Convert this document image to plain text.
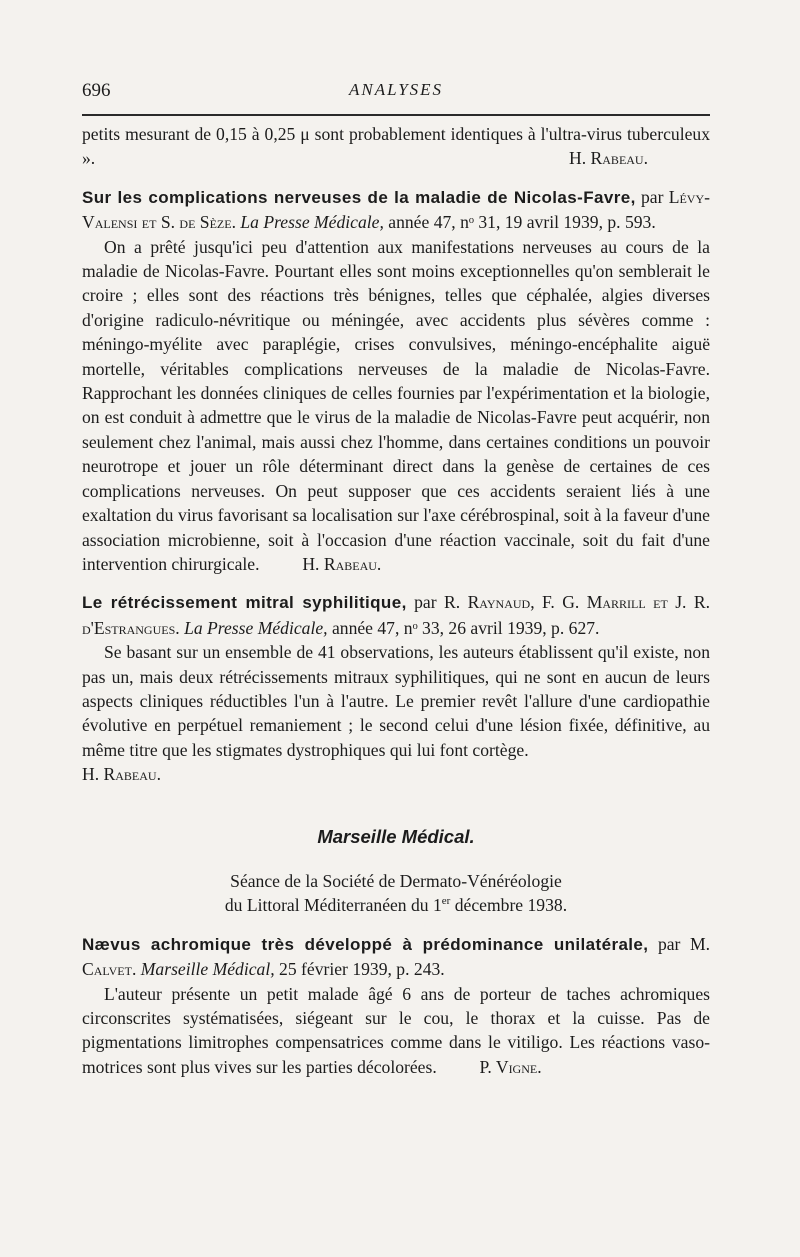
696	ANALYSES

petits mesurant de 0,15 à 0,25 μ sont probablement identiques à l'ultra-virus tuberculeux ».	H. Rabeau.

Sur les complications nerveuses de la maladie de Nicolas-Favre, par Lévy-Valensi et S. de Sèze. La Presse Médicale, année 47, nᵒ 31, 19 avril 1939, p. 593.

On a prêté jusqu'ici peu d'attention aux manifestations nerveuses au cours de la maladie de Nicolas-Favre. Pourtant elles sont moins exceptionnelles qu'on semblerait le croire ; elles sont des réactions très bénignes, telles que céphalée, algies diverses d'origine radiculo-névritique ou méningée, avec accidents plus sévères comme : méningo-myélite avec paraplégie, crises convulsives, méningo-encéphalite aiguë mortelle, véritables complications nerveuses de la maladie de Nicolas-Favre. Rapprochant les données cliniques de celles fournies par l'expérimentation et la biologie, on est conduit à admettre que le virus de la maladie de Nicolas-Favre peut acquérir, non seulement chez l'animal, mais aussi chez l'homme, dans certaines conditions un pouvoir neurotrope et jouer un rôle déterminant direct dans la genèse de certaines de ces complications nerveuses. On peut supposer que ces accidents seraient liés à une exaltation du virus favorisant sa localisation sur l'axe cérébrospinal, soit à la faveur d'une association microbienne, soit à l'occasion d'une réaction vaccinale, soit du fait d'une intervention chirurgicale. H. Rabeau.

Le rétrécissement mitral syphilitique, par R. Raynaud, F. G. Marrill et J. R. d'Estrangues. La Presse Médicale, année 47, nᵒ 33, 26 avril 1939, p. 627.

Se basant sur un ensemble de 41 observations, les auteurs établissent qu'il existe, non pas un, mais deux rétrécissements mitraux syphilitiques, qui ne sont en aucun de leurs aspects cliniques réductibles l'un à l'autre. Le premier revêt l'allure d'une cardiopathie évolutive en perpétuel remaniement ; le second celui d'une lésion fixée, définitive, au même titre que les stigmates dystrophiques qui lui font cortège.

H. Rabeau.

Marseille Médical.

Séance de la Société de Dermato-Vénéréologie
du Littoral Méditerranéen du 1er décembre 1938.

Nævus achromique très développé à prédominance unilatérale, par M. Calvet. Marseille Médical, 25 février 1939, p. 243.

L'auteur présente un petit malade âgé 6 ans de porteur de taches achromiques circonscrites systématisées, siégeant sur le cou, le thorax et la cuisse. Pas de pigmentations limitrophes compensatrices comme dans le vitiligo. Les réactions vaso-motrices sont plus vives sur les parties décolorées. P. Vigne.
